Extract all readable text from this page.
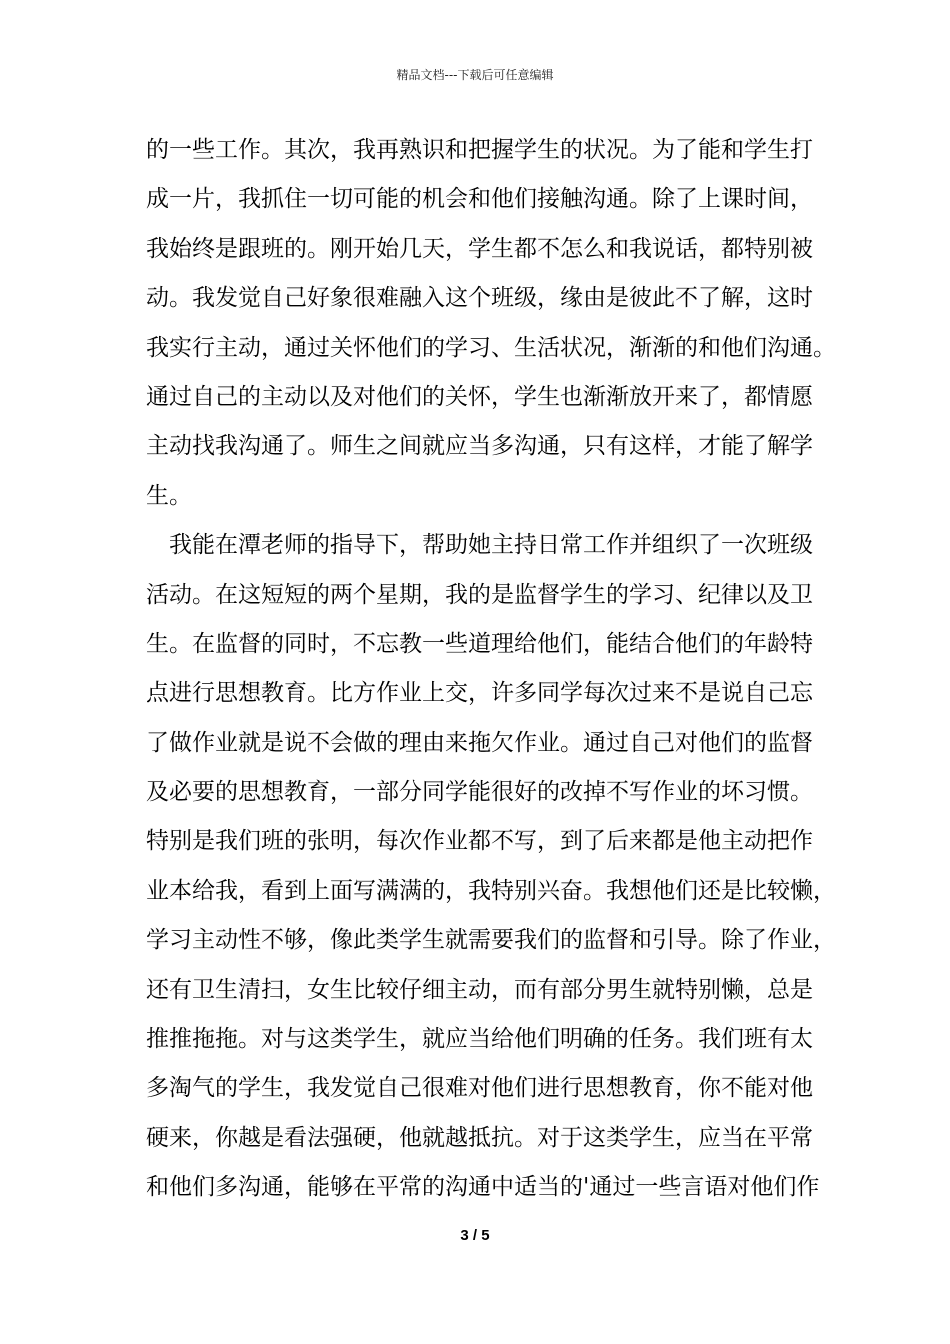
精品文档---下载后可任意编辑
的一些工作。其次，我再熟识和把握学生的状况。为了能和学生打
成一片，我抓住一切可能的机会和他们接触沟通。除了上课时间，
我始终是跟班的。刚开始几天，学生都不怎么和我说话，都特别被
动。我发觉自己好象很难融入这个班级，缘由是彼此不了解，这时
我实行主动，通过关怀他们的学习、生活状况，渐渐的和他们沟通。
通过自己的主动以及对他们的关怀，学生也渐渐放开来了，都情愿
主动找我沟通了。师生之间就应当多沟通，只有这样，才能了解学
生。
我能在潭老师的指导下，帮助她主持日常工作并组织了一次班级
活动。在这短短的两个星期，我的是监督学生的学习、纪律以及卫
生。在监督的同时，不忘教一些道理给他们，能结合他们的年龄特
点进行思想教育。比方作业上交，许多同学每次过来不是说自己忘
了做作业就是说不会做的理由来拖欠作业。通过自己对他们的监督
及必要的思想教育，一部分同学能很好的改掉不写作业的坏习惯。
特别是我们班的张明，每次作业都不写，到了后来都是他主动把作
业本给我，看到上面写满满的，我特别兴奋。我想他们还是比较懒，
学习主动性不够，像此类学生就需要我们的监督和引导。除了作业，
还有卫生清扫，女生比较仔细主动，而有部分男生就特别懒，总是
推推拖拖。对与这类学生，就应当给他们明确的任务。我们班有太
多淘气的学生，我发觉自己很难对他们进行思想教育，你不能对他
硬来，你越是看法强硬，他就越抵抗。对于这类学生，应当在平常
和他们多沟通，能够在平常的沟通中适当的'通过一些言语对他们作
3 / 5
